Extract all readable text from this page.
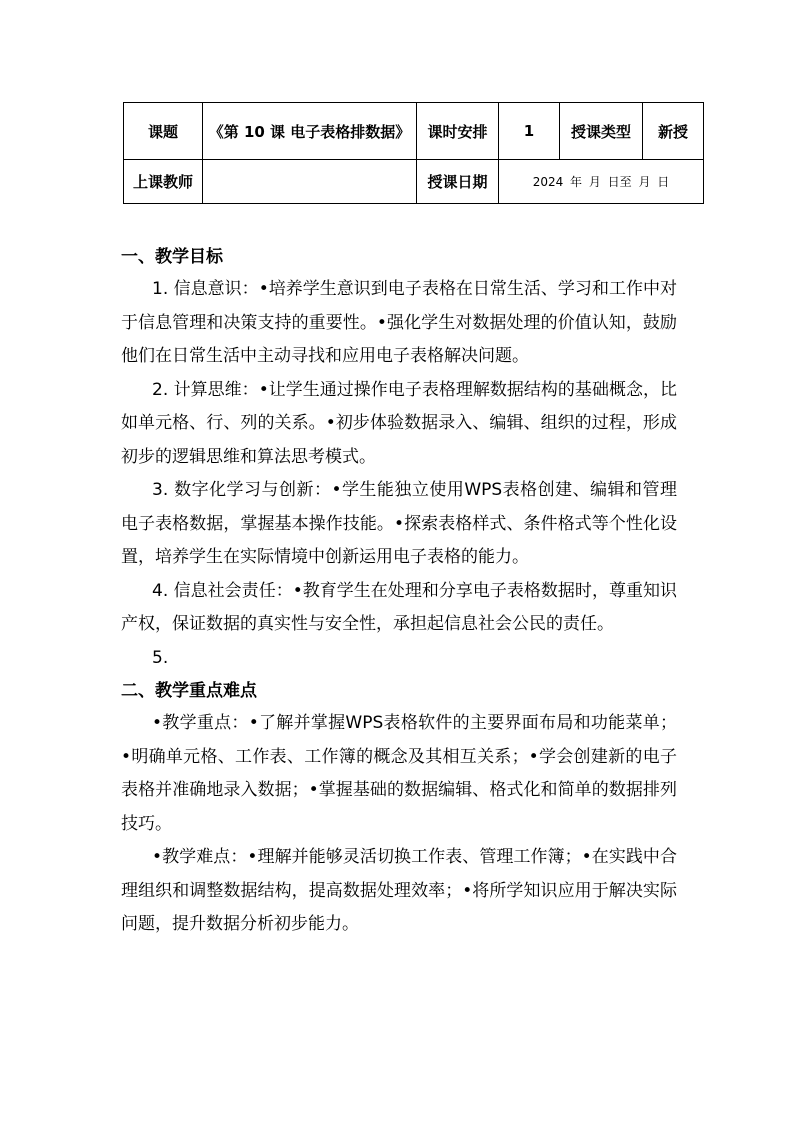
课题	《第 10 课 电子表格排数据》	课时安排	1	授课类型	新授
上课教师		授课日期	2024 年 月 日至 月 日		

一、教学目标

1. 信息意识：•培养学生意识到电子表格在日常生活、学习和工作中对于信息管理和决策支持的重要性。•强化学生对数据处理的价值认知，鼓励他们在日常生活中主动寻找和应用电子表格解决问题。

2. 计算思维：•让学生通过操作电子表格理解数据结构的基础概念，比如单元格、行、列的关系。•初步体验数据录入、编辑、组织的过程，形成初步的逻辑思维和算法思考模式。

3. 数字化学习与创新：•学生能独立使用WPS表格创建、编辑和管理电子表格数据，掌握基本操作技能。•探索表格样式、条件格式等个性化设置，培养学生在实际情境中创新运用电子表格的能力。

4. 信息社会责任：•教育学生在处理和分享电子表格数据时，尊重知识产权，保证数据的真实性与安全性，承担起信息社会公民的责任。

5.

二、教学重点难点

•教学重点：•了解并掌握WPS表格软件的主要界面布局和功能菜单；•明确单元格、工作表、工作簿的概念及其相互关系；•学会创建新的电子表格并准确地录入数据；•掌握基础的数据编辑、格式化和简单的数据排列技巧。

•教学难点：•理解并能够灵活切换工作表、管理工作簿；•在实践中合理组织和调整数据结构，提高数据处理效率；•将所学知识应用于解决实际问题，提升数据分析初步能力。
